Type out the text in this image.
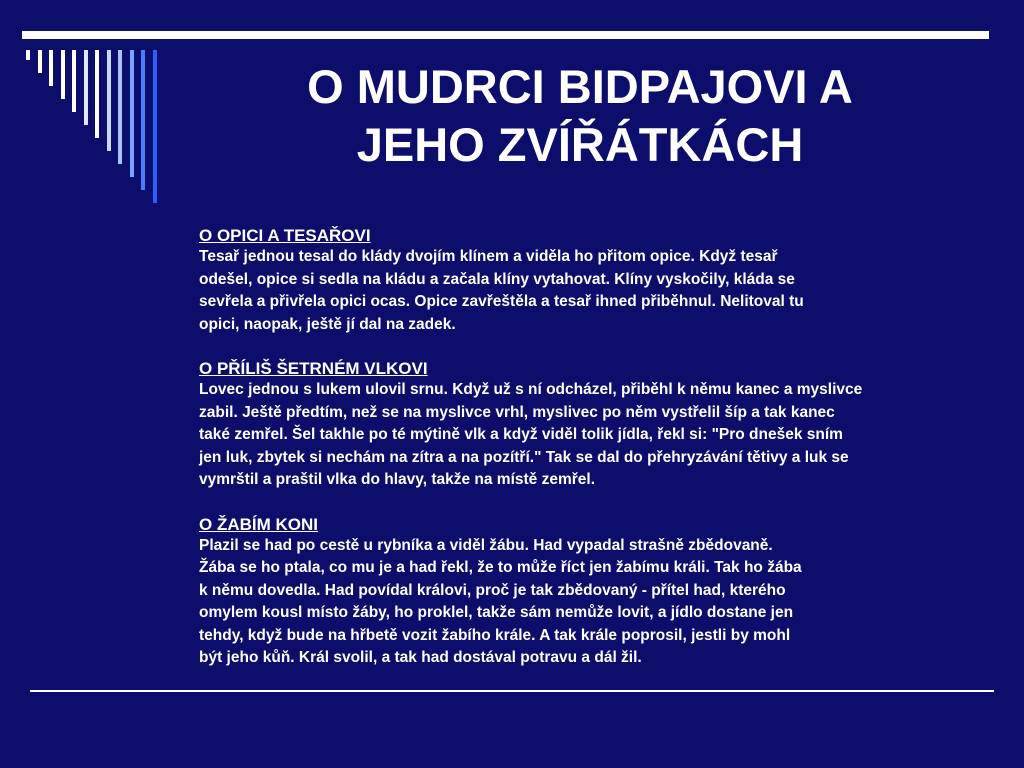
O MUDRCI BIDPAJOVI A
JEHO ZVÍŘÁTKÁCH
O OPICI A TESAŘOVI
Tesař jednou tesal do klády dvojím klínem a viděla ho přitom opice. Když tesař
odešel, opice si sedla na kládu a začala klíny vytahovat. Klíny vyskočily, kláda se
sevřela a přivřela opici ocas. Opice zavřeštěla a tesař ihned přiběhnul. Nelitoval tu
opici, naopak, ještě jí dal na zadek.
O PŘÍLIŠ ŠETRNÉM VLKOVI
Lovec jednou s lukem ulovil srnu. Když už s ní odcházel, přiběhl k němu kanec a myslivce
zabil. Ještě předtím, než se na myslivce vrhl, myslivec po něm vystřelil šíp a tak kanec
také zemřel. Šel takhle po té mýtině vlk a když viděl tolik jídla, řekl si: "Pro dnešek sním
jen luk, zbytek si nechám na zítra a na pozítří." Tak se dal do přehryzávání tětivy a luk se
vymrštil a praštil vlka do hlavy, takže na místě zemřel.
O ŽABÍM KONI
Plazil se had po cestě u rybníka a viděl žábu. Had vypadal strašně zbědovaně.
Žába se ho ptala, co mu je a had řekl, že to může říct jen žabímu králi. Tak ho žába
k němu dovedla. Had povídal královi, proč je tak zbědovaný - přítel had, kterého
omylem kousl místo žáby, ho proklel, takže sám nemůže lovit, a jídlo dostane jen
tehdy, když bude na hřbetě vozit žabího krále. A tak krále poprosil, jestli by mohl
být jeho kůň. Král svolil, a tak had dostával potravu a dál žil.
